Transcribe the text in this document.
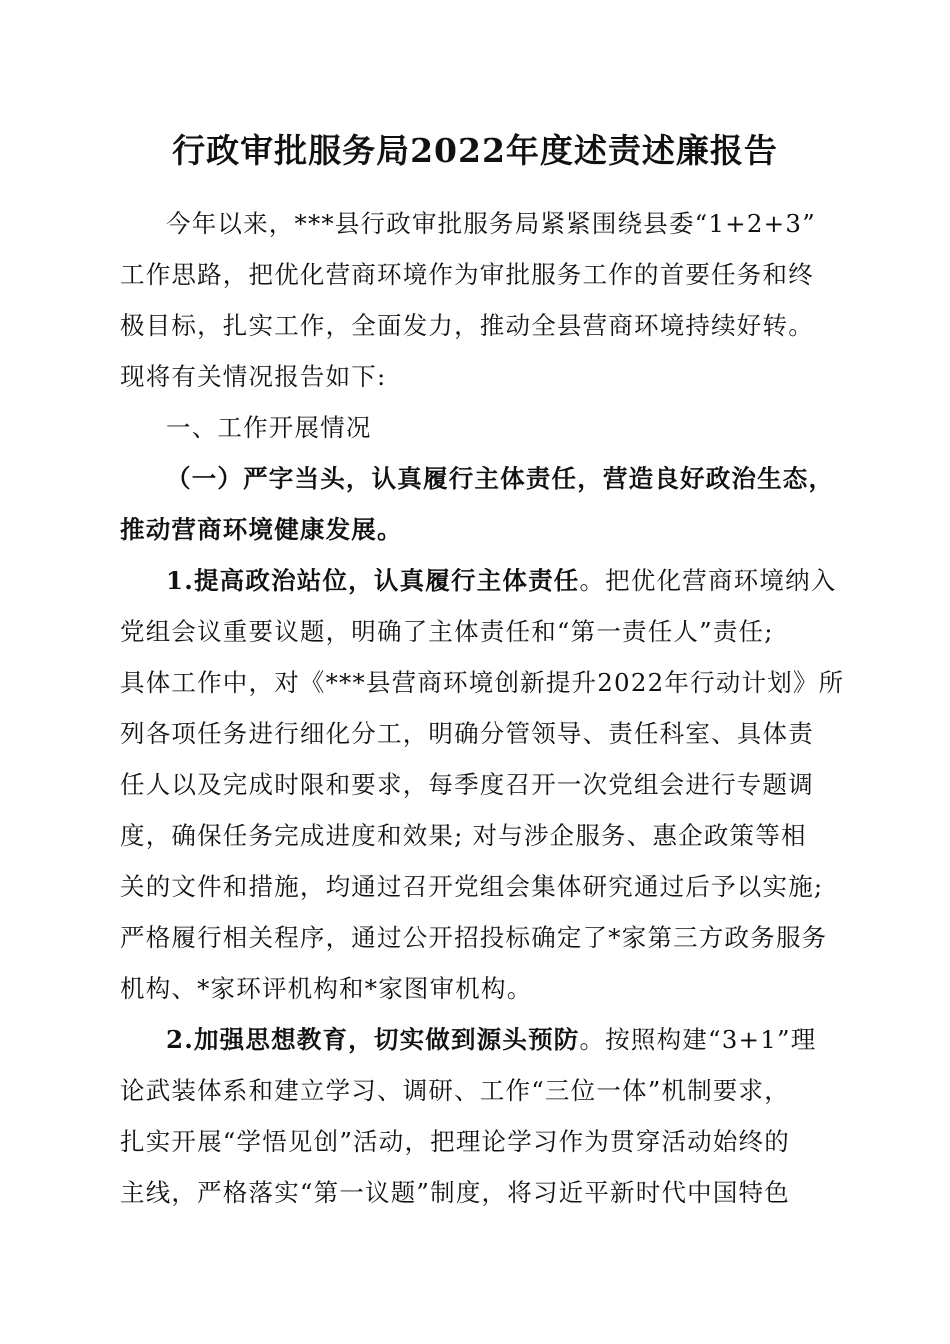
行政审批服务局2022年度述责述廉报告
今年以来，***县行政审批服务局紧紧围绕县委“1+2+3”
工作思路，把优化营商环境作为审批服务工作的首要任务和终
极目标，扎实工作，全面发力，推动全县营商环境持续好转。
现将有关情况报告如下:
一、工作开展情况
（一）严字当头，认真履行主体责任，营造良好政治生态，
推动营商环境健康发展。
1.提高政治站位，认真履行主体责任。把优化营商环境纳入
党组会议重要议题，明确了主体责任和“第一责任人”责任;
具体工作中，对《***县营商环境创新提升2022年行动计划》所
列各项任务进行细化分工，明确分管领导、责任科室、具体责
任人以及完成时限和要求，每季度召开一次党组会进行专题调
度，确保任务完成进度和效果; 对与涉企服务、惠企政策等相
关的文件和措施，均通过召开党组会集体研究通过后予以实施;
严格履行相关程序，通过公开招投标确定了*家第三方政务服务
机构、*家环评机构和*家图审机构。
2.加强思想教育，切实做到源头预防。按照构建“3+1”理
论武装体系和建立学习、调研、工作“三位一体”机制要求，
扎实开展“学悟见创”活动，把理论学习作为贯穿活动始终的
主线，严格落实“第一议题”制度，将习近平新时代中国特色
